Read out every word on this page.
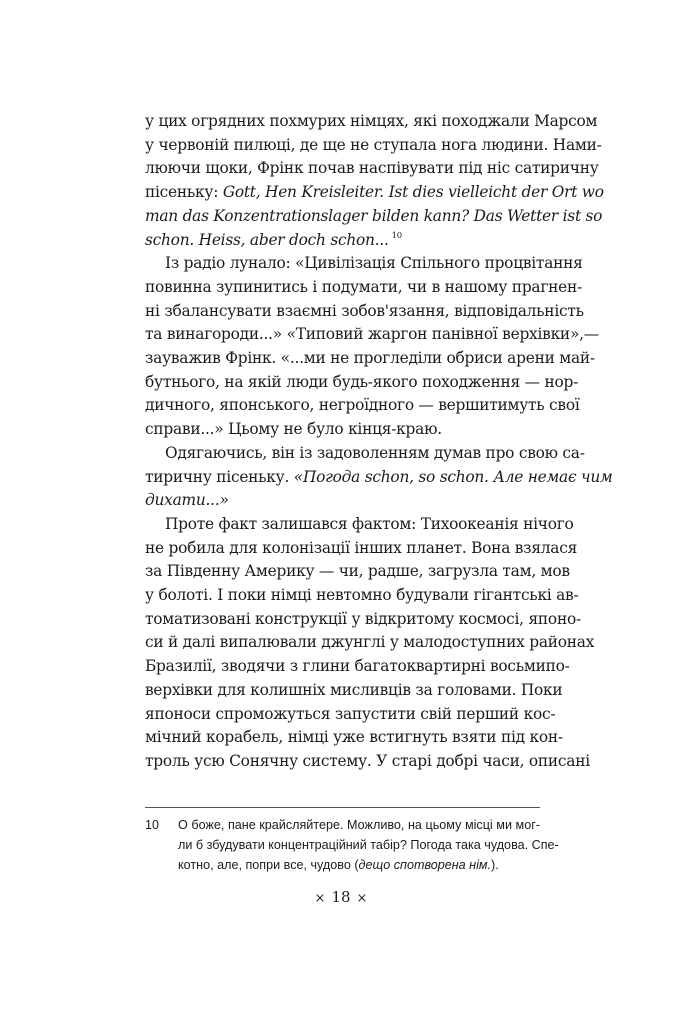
у цих огрядних похмурих німцях, які походжали Марсом
у червоній пилюці, де ще не ступала нога людини. Нами-
люючи щоки, Фрінк почав наспівувати під ніс сатиричну
пісеньку: Gott, Hen Kreisleiter. Ist dies vielleicht der Ort wo
man das Konzentrationslager bilden kann? Das Wetter ist so
schon. Heiss, aber doch schon... $^{10}$
Із радіо лунало: «Цивілізація Спільного процвітання
повинна зупинитись і подумати, чи в нашому прагнен-
ні збалансувати взаємні зобов'язання, відповідальність
та винагороди...» «Типовий жаргон панівної верхівки»,—
зауважив Фрінк. «...ми не прогледіли обриси арени май-
бутнього, на якій люди будь-якого походження — нор-
дичного, японського, негроїдного — вершитимуть свої
справи...» Цьому не було кінця-краю.
Одягаючись, він із задоволенням думав про свою са-
тиричну пісеньку. «Погода schon, so schon. Але немає чим
дихати...»
Проте факт залишався фактом: Тихоокеанія нічого
не робила для колонізації інших планет. Вона взялася
за Південну Америку — чи, радше, загрузла там, мов
у болоті. І поки німці невтомно будували гігантські ав-
томатизовані конструкції у відкритому космосі, японо-
си й далі випалювали джунглі у малодоступних районах
Бразилії, зводячи з глини багатоквартирні восьмипо-
верхівки для колишніх мисливців за головами. Поки
японоси спроможуться запустити свій перший кос-
мічний корабель, німці уже встигнуть взяти під кон-
троль усю Сонячну систему. У старі добрі часи, описані
10 О боже, пане крайсляйтере. Можливо, на цьому місці ми мог-
ли б збудувати концентраційний табір? Погода така чудова. Спе-
котно, але, попри все, чудово (дещо спотворена нім.).
× 18 ×
